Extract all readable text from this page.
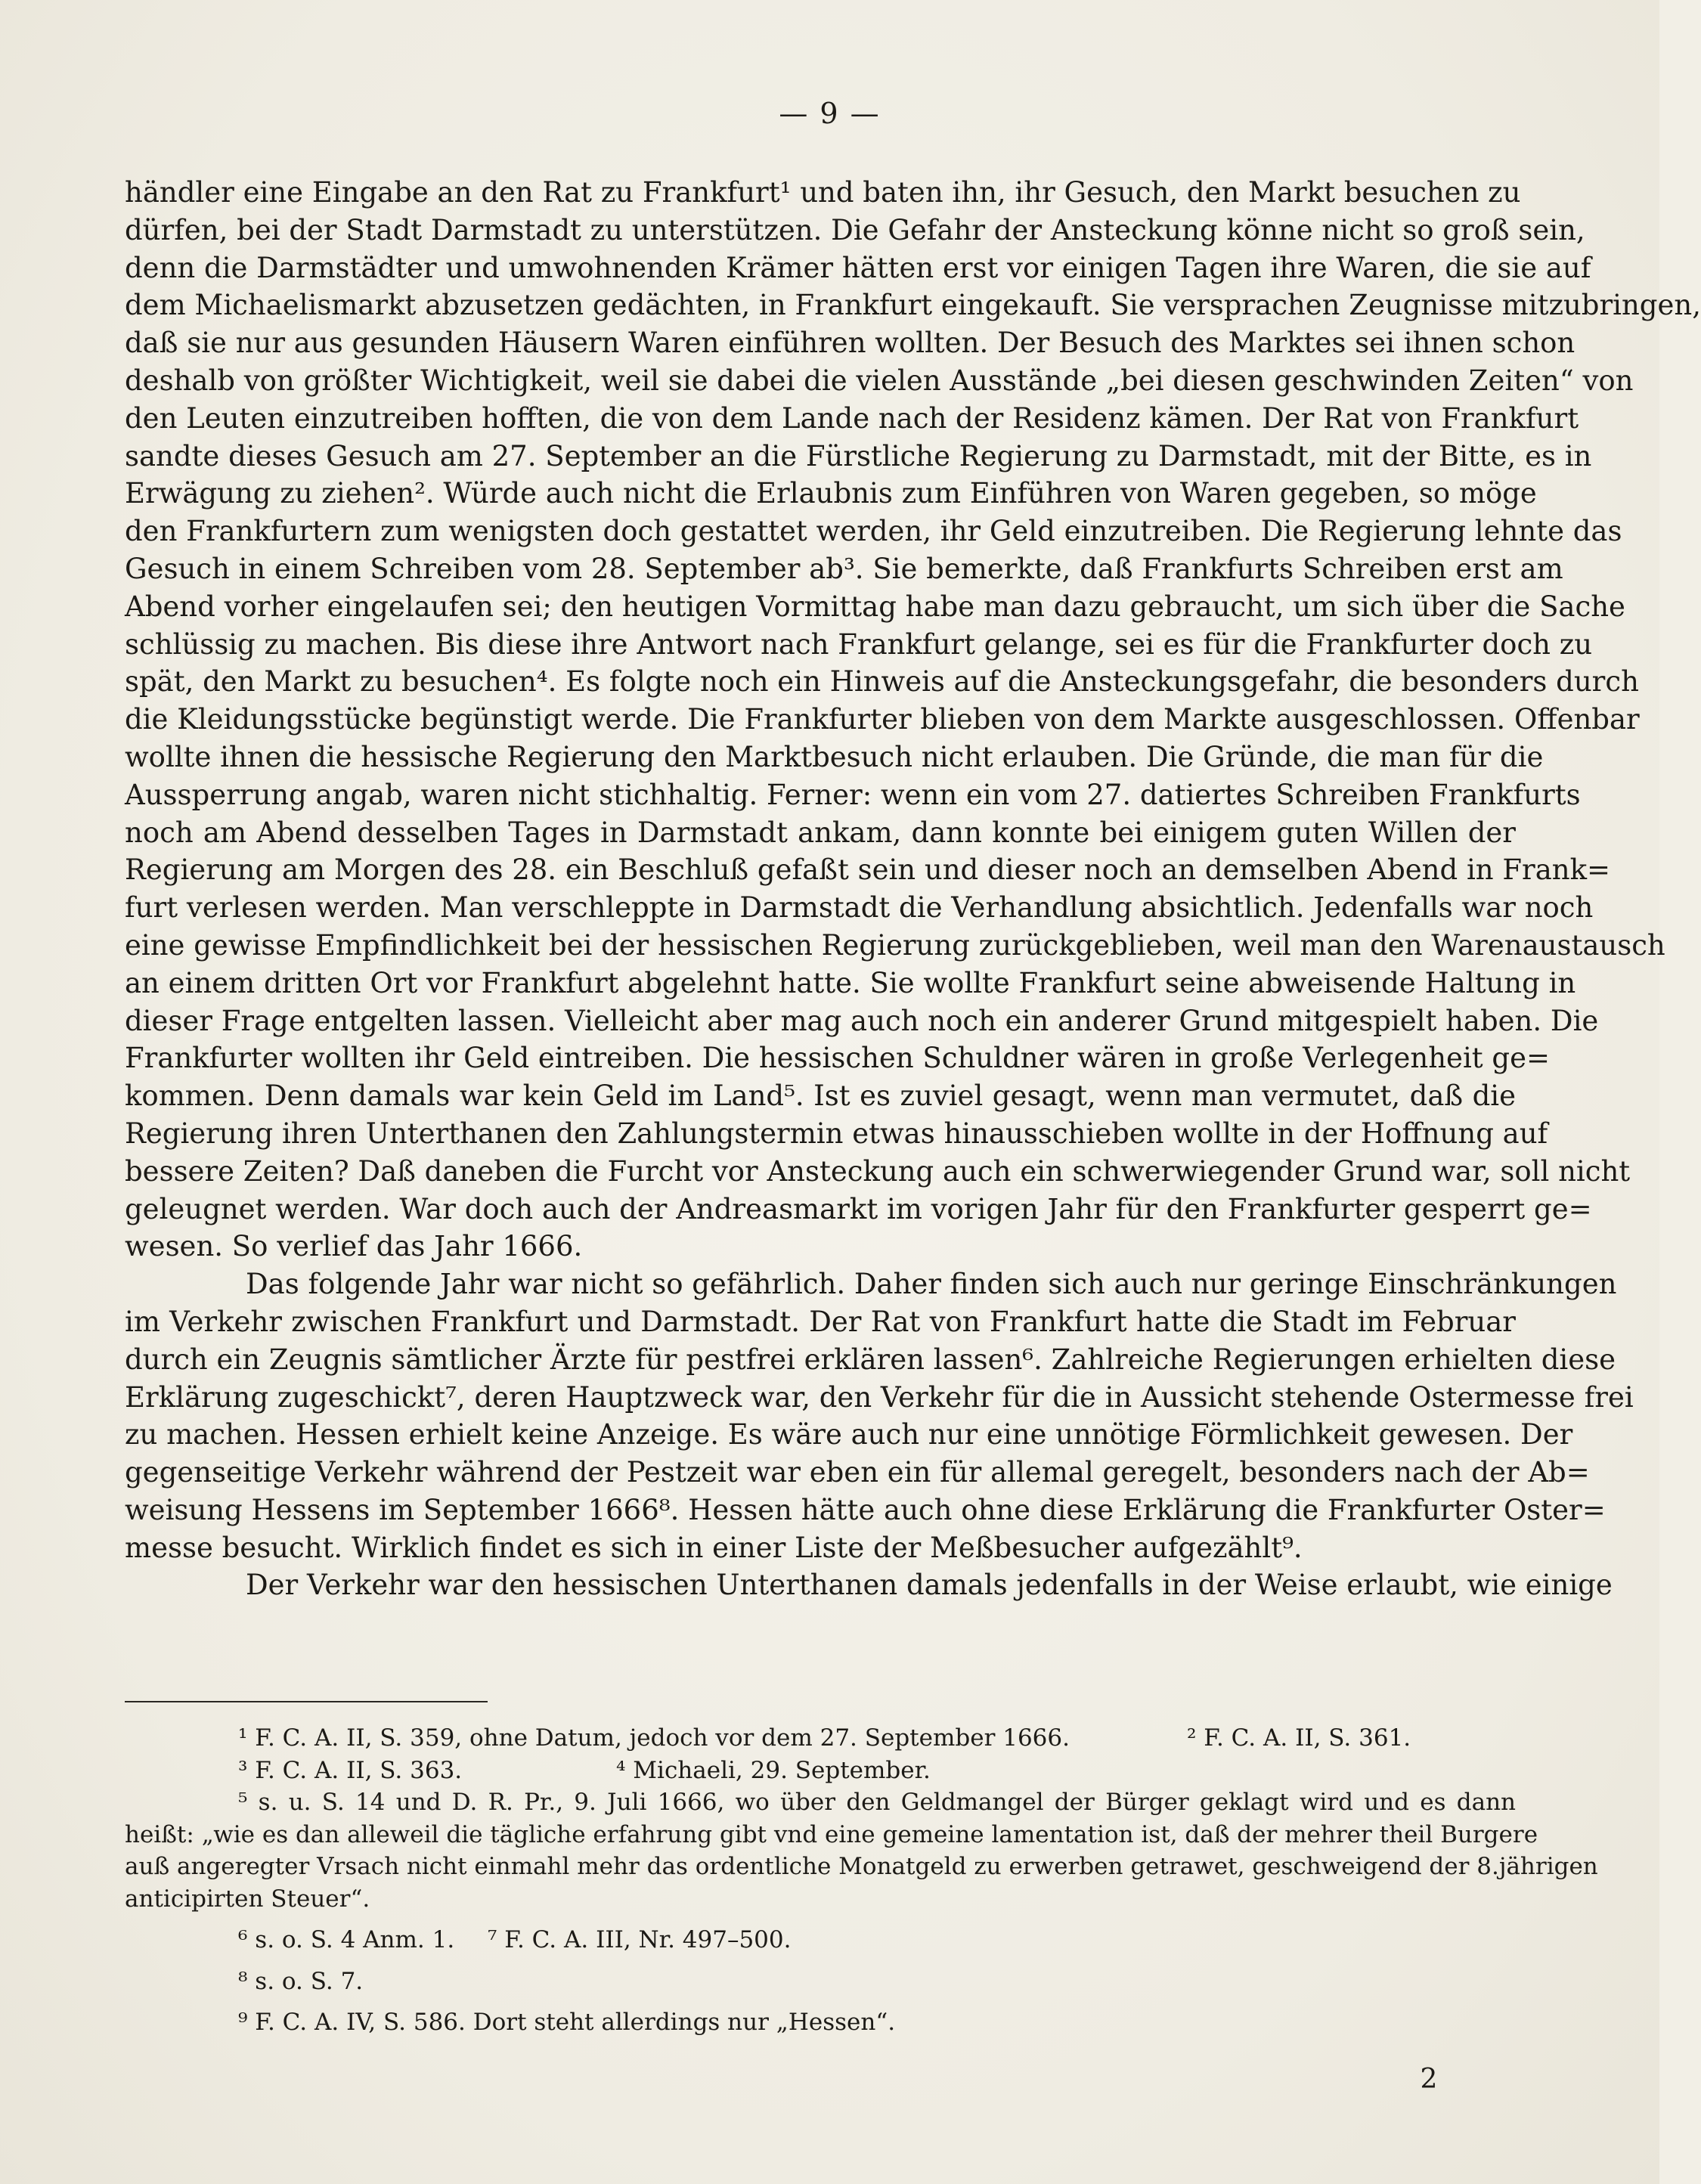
— 9 —
händler eine Eingabe an den Rat zu Frankfurt¹ und baten ihn, ihr Gesuch, den Markt besuchen zu
dürfen, bei der Stadt Darmstadt zu unterstützen. Die Gefahr der Ansteckung könne nicht so groß sein,
denn die Darmstädter und umwohnenden Krämer hätten erst vor einigen Tagen ihre Waren, die sie auf
dem Michaelismarkt abzusetzen gedächten, in Frankfurt eingekauft. Sie versprachen Zeugnisse mitzubringen,
daß sie nur aus gesunden Häusern Waren einführen wollten. Der Besuch des Marktes sei ihnen schon
deshalb von größter Wichtigkeit, weil sie dabei die vielen Ausstände „bei diesen geschwinden Zeiten“ von
den Leuten einzutreiben hofften, die von dem Lande nach der Residenz kämen. Der Rat von Frankfurt
sandte dieses Gesuch am 27. September an die Fürstliche Regierung zu Darmstadt, mit der Bitte, es in
Erwägung zu ziehen². Würde auch nicht die Erlaubnis zum Einführen von Waren gegeben, so möge
den Frankfurtern zum wenigsten doch gestattet werden, ihr Geld einzutreiben. Die Regierung lehnte das
Gesuch in einem Schreiben vom 28. September ab³. Sie bemerkte, daß Frankfurts Schreiben erst am
Abend vorher eingelaufen sei; den heutigen Vormittag habe man dazu gebraucht, um sich über die Sache
schlüssig zu machen. Bis diese ihre Antwort nach Frankfurt gelange, sei es für die Frankfurter doch zu
spät, den Markt zu besuchen⁴. Es folgte noch ein Hinweis auf die Ansteckungsgefahr, die besonders durch
die Kleidungsstücke begünstigt werde. Die Frankfurter blieben von dem Markte ausgeschlossen. Offenbar
wollte ihnen die hessische Regierung den Marktbesuch nicht erlauben. Die Gründe, die man für die
Aussperrung angab, waren nicht stichhaltig. Ferner: wenn ein vom 27. datiertes Schreiben Frankfurts
noch am Abend desselben Tages in Darmstadt ankam, dann konnte bei einigem guten Willen der
Regierung am Morgen des 28. ein Beschluß gefaßt sein und dieser noch an demselben Abend in Frank=
furt verlesen werden. Man verschleppte in Darmstadt die Verhandlung absichtlich. Jedenfalls war noch
eine gewisse Empfindlichkeit bei der hessischen Regierung zurückgeblieben, weil man den Warenaustausch
an einem dritten Ort vor Frankfurt abgelehnt hatte. Sie wollte Frankfurt seine abweisende Haltung in
dieser Frage entgelten lassen. Vielleicht aber mag auch noch ein anderer Grund mitgespielt haben. Die
Frankfurter wollten ihr Geld eintreiben. Die hessischen Schuldner wären in große Verlegenheit ge=
kommen. Denn damals war kein Geld im Land⁵. Ist es zuviel gesagt, wenn man vermutet, daß die
Regierung ihren Unterthanen den Zahlungstermin etwas hinausschieben wollte in der Hoffnung auf
bessere Zeiten? Daß daneben die Furcht vor Ansteckung auch ein schwerwiegender Grund war, soll nicht
geleugnet werden. War doch auch der Andreasmarkt im vorigen Jahr für den Frankfurter gesperrt ge=
wesen. So verlief das Jahr 1666.
Das folgende Jahr war nicht so gefährlich. Daher finden sich auch nur geringe Einschränkungen
im Verkehr zwischen Frankfurt und Darmstadt. Der Rat von Frankfurt hatte die Stadt im Februar
durch ein Zeugnis sämtlicher Ärzte für pestfrei erklären lassen⁶. Zahlreiche Regierungen erhielten diese
Erklärung zugeschickt⁷, deren Hauptzweck war, den Verkehr für die in Aussicht stehende Ostermesse frei
zu machen. Hessen erhielt keine Anzeige. Es wäre auch nur eine unnötige Förmlichkeit gewesen. Der
gegenseitige Verkehr während der Pestzeit war eben ein für allemal geregelt, besonders nach der Ab=
weisung Hessens im September 1666⁸. Hessen hätte auch ohne diese Erklärung die Frankfurter Oster=
messe besucht. Wirklich findet es sich in einer Liste der Meßbesucher aufgezählt⁹.
Der Verkehr war den hessischen Unterthanen damals jedenfalls in der Weise erlaubt, wie einige
¹ F. C. A. II, S. 359, ohne Datum, jedoch vor dem 27. September 1666.	² F. C. A. II, S. 361.
³ F. C. A. II, S. 363.	⁴ Michaeli, 29. September.
⁵ s. u. S. 14 und D. R. Pr., 9. Juli 1666, wo über den Geldmangel der Bürger geklagt wird und es dann
heißt: „wie es dan alleweil die tägliche erfahrung gibt vnd eine gemeine lamentation ist, daß der mehrer theil Burgere
auß angeregter Vrsach nicht einmahl mehr das ordentliche Monatgeld zu erwerben getrawet, geschweigend der 8.jährigen
anticipirten Steuer“.
⁶ s. o. S. 4 Anm. 1.	⁷ F. C. A. III, Nr. 497–500.
⁸ s. o. S. 7.
⁹ F. C. A. IV, S. 586. Dort steht allerdings nur „Hessen“.
2
